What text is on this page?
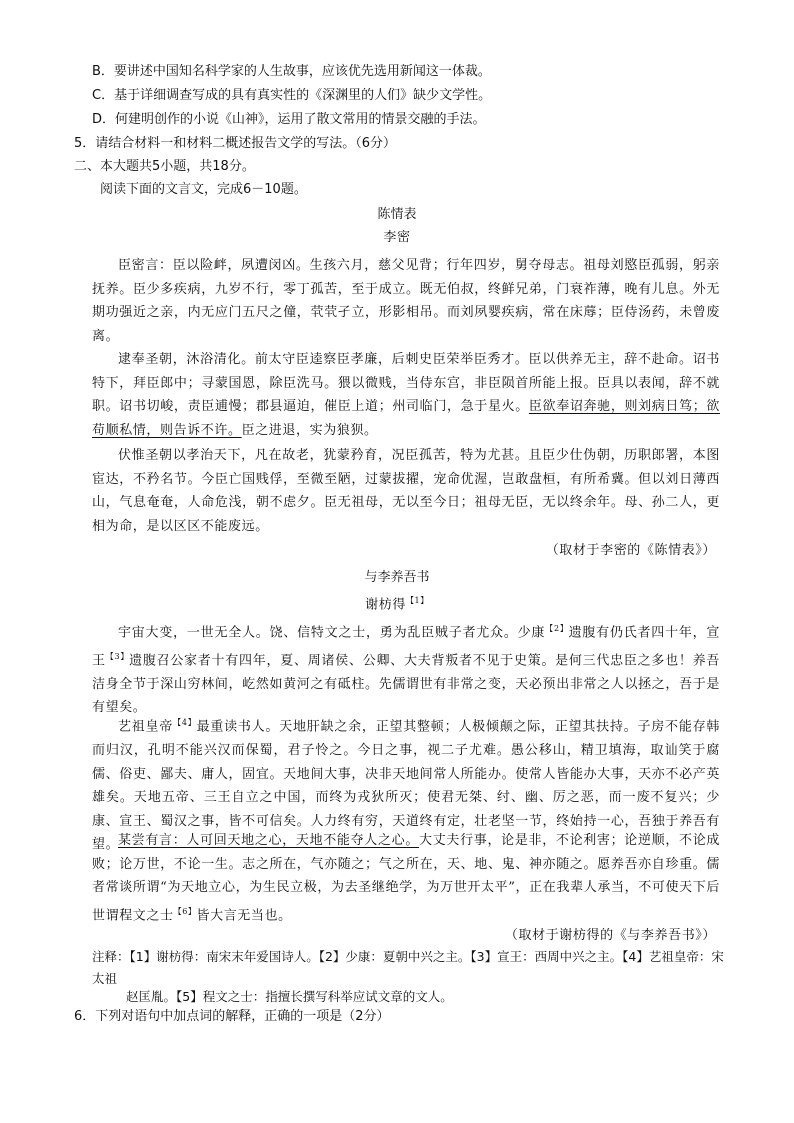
B．要讲述中国知名科学家的人生故事，应该优先选用新闻这一体裁。
C．基于详细调查写成的具有真实性的《深渊里的人们》缺少文学性。
D．何建明创作的小说《山神》，运用了散文常用的情景交融的手法。
5．请结合材料一和材料二概述报告文学的写法。（6分）
二、本大题共5小题，共18分。
阅读下面的文言文，完成6－10题。
陈情表
李密
臣密言：臣以险衅，夙遭闵凶。生孩六月，慈父见背；行年四岁，舅夺母志。祖母刘愍臣孤弱，躬亲抚养。臣少多疾病，九岁不行，零丁孤苦，至于成立。既无伯叔，终鲜兄弟，门衰祚薄，晚有儿息。外无期功强近之亲，内无应门五尺之僮，茕茕孑立，形影相吊。而刘夙婴疾病，常在床蓐；臣侍汤药，未曾废离。
逮奉圣朝，沐浴清化。前太守臣逵察臣孝廉，后刺史臣荣举臣秀才。臣以供养无主，辞不赴命。诏书特下，拜臣郎中；寻蒙国恩，除臣洗马。猥以微贱，当侍东宫，非臣陨首所能上报。臣具以表闻，辞不就职。诏书切峻，责臣逋慢；郡县逼迫，催臣上道；州司临门，急于星火。臣欲奉诏奔驰，则刘病日笃；欲苟顺私情，则告诉不许。臣之进退，实为狼狈。
伏惟圣朝以孝治天下，凡在故老，犹蒙矜育，况臣孤苦，特为尤甚。且臣少仕伪朝，历职郎署，本图宦达，不矜名节。今臣亡国贱俘，至微至陋，过蒙拔擢，宠命优渥，岂敢盘桓，有所希冀。但以刘日薄西山，气息奄奄，人命危浅，朝不虑夕。臣无祖母，无以至今日；祖母无臣，无以终余年。母、孙二人，更相为命，是以区区不能废远。
（取材于李密的《陈情表》）
与李养吾书
谢枋得$^{【1】}$
宇宙大变，一世无全人。饶、信特文之士，勇为乱臣贼子者尤众。少康$^{【2】}$遗腹有仍氏者四十年，宣王$^{【3】}$遗腹召公家者十有四年，夏、周诸侯、公卿、大夫背叛者不见于史策。是何三代忠臣之多也！养吾洁身全节于深山穷林间，屹然如黄河之有砥柱。先儒谓世有非常之变，天必预出非常之人以拯之，吾于是有望矣。
艺祖皇帝$^{【4】}$最重读书人。天地肝缺之余，正望其整顿；人极倾颠之际，正望其扶持。子房不能存韩而归汉，孔明不能兴汉而保蜀，君子怜之。今日之事，视二子尤难。愚公移山，精卫填海，取讪笑于腐儒、俗吏、鄙夫、庸人，固宜。天地间大事，决非天地间常人所能办。使常人皆能办大事，天亦不必产英雄矣。天地五帝、三王自立之中国，而终为戎狄所灭；使君无桀、纣、幽、厉之恶，而一废不复兴；少康、宣王、蜀汉之事，皆不可信矣。人力终有穷，天道终有定，壮老坚一节，终始持一心，吾独于养吾有望。
某尝有言：人可回天地之心，天地不能夺人之心。大丈夫行事，论是非，不论利害；论逆顺，不论成败；论万世，不论一生。志之所在，气亦随之；气之所在，天、地、鬼、神亦随之。愿养吾亦自珍重。儒者常谈所谓“为天地立心，为生民立极，为去圣继绝学，为万世开太平”，正在我辈人承当，不可使天下后世谓程文之士$^{【6】}$皆大言无当也。
（取材于谢枋得的《与李养吾书》）
注释：【1】谢枋得：南宋末年爱国诗人。【2】少康：夏朝中兴之主。【3】宣王：西周中兴之主。【4】艺祖皇帝：宋太祖
赵匡胤。【5】程文之士：指擅长撰写科举应试文章的文人。
6．下列对语句中加点词的解释，正确的一项是（2分）
